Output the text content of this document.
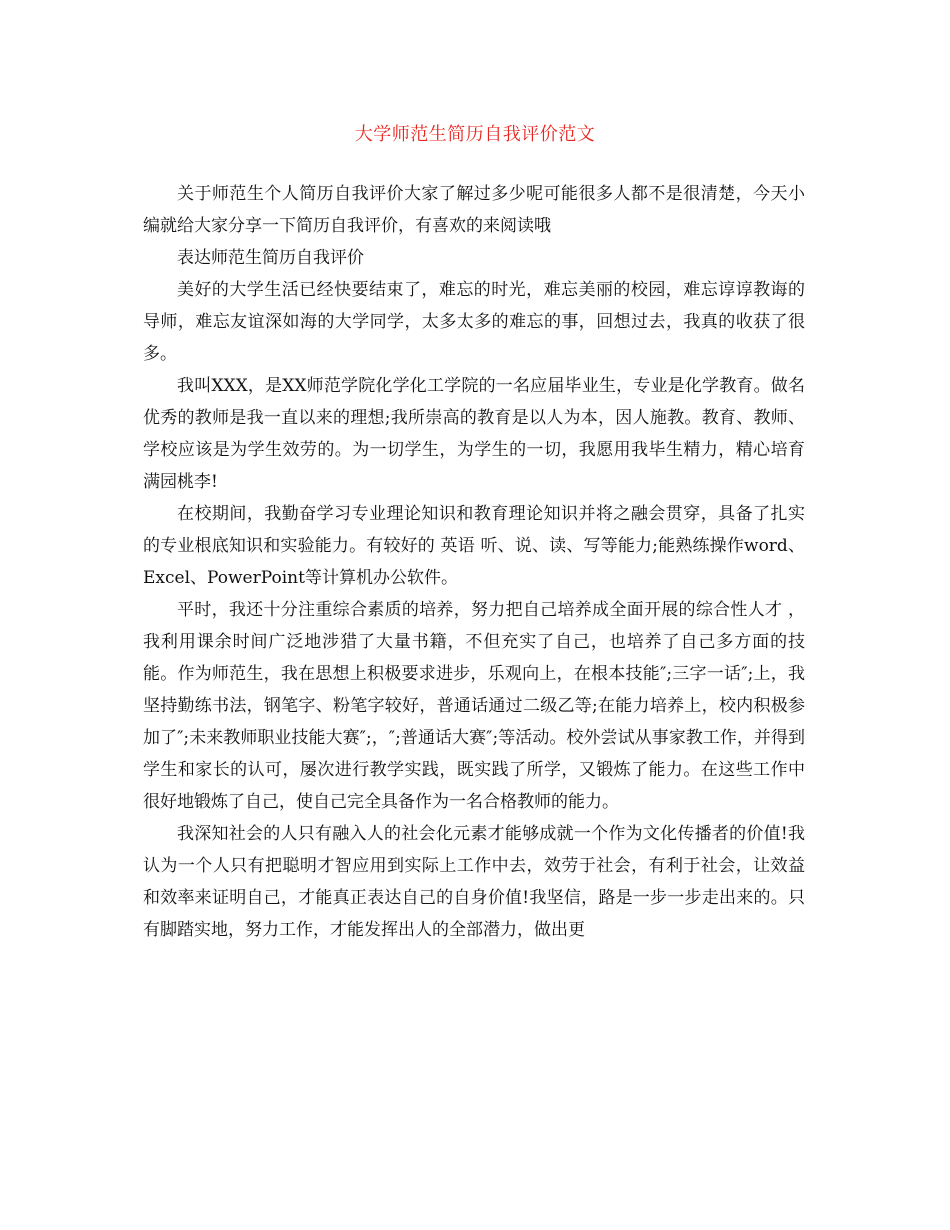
大学师范生简历自我评价范文

关于师范生个人简历自我评价大家了解过多少呢可能很多人都不是很清楚，今天小编就给大家分享一下简历自我评价，有喜欢的来阅读哦

表达师范生简历自我评价

美好的大学生活已经快要结束了，难忘的时光，难忘美丽的校园，难忘谆谆教诲的导师，难忘友谊深如海的大学同学，太多太多的难忘的事，回想过去，我真的收获了很多。

我叫XXX，是XX师范学院化学化工学院的一名应届毕业生，专业是化学教育。做名优秀的教师是我一直以来的理想;我所崇高的教育是以人为本，因人施教。教育、教师、学校应该是为学生效劳的。为一切学生，为学生的一切，我愿用我毕生精力，精心培育满园桃李!

在校期间，我勤奋学习专业理论知识和教育理论知识并将之融会贯穿，具备了扎实的专业根底知识和实验能力。有较好的 英语 听、说、读、写等能力;能熟练操作word、Excel、PowerPoint等计算机办公软件。

平时，我还十分注重综合素质的培养，努力把自己培养成全面开展的综合性人才 ，我利用课余时间广泛地涉猎了大量书籍，不但充实了自己，也培养了自己多方面的技能。作为师范生，我在思想上积极要求进步，乐观向上，在根本技能″;三字一话″;上，我坚持勤练书法，钢笔字、粉笔字较好，普通话通过二级乙等;在能力培养上，校内积极参加了″;未来教师职业技能大赛″;，″;普通话大赛″;等活动。校外尝试从事家教工作，并得到学生和家长的认可，屡次进行教学实践，既实践了所学，又锻炼了能力。在这些工作中很好地锻炼了自己，使自己完全具备作为一名合格教师的能力。

我深知社会的人只有融入人的社会化元素才能够成就一个作为文化传播者的价值!我认为一个人只有把聪明才智应用到实际上工作中去，效劳于社会，有利于社会，让效益和效率来证明自己，才能真正表达自己的自身价值!我坚信，路是一步一步走出来的。只有脚踏实地，努力工作，才能发挥出人的全部潜力，做出更
